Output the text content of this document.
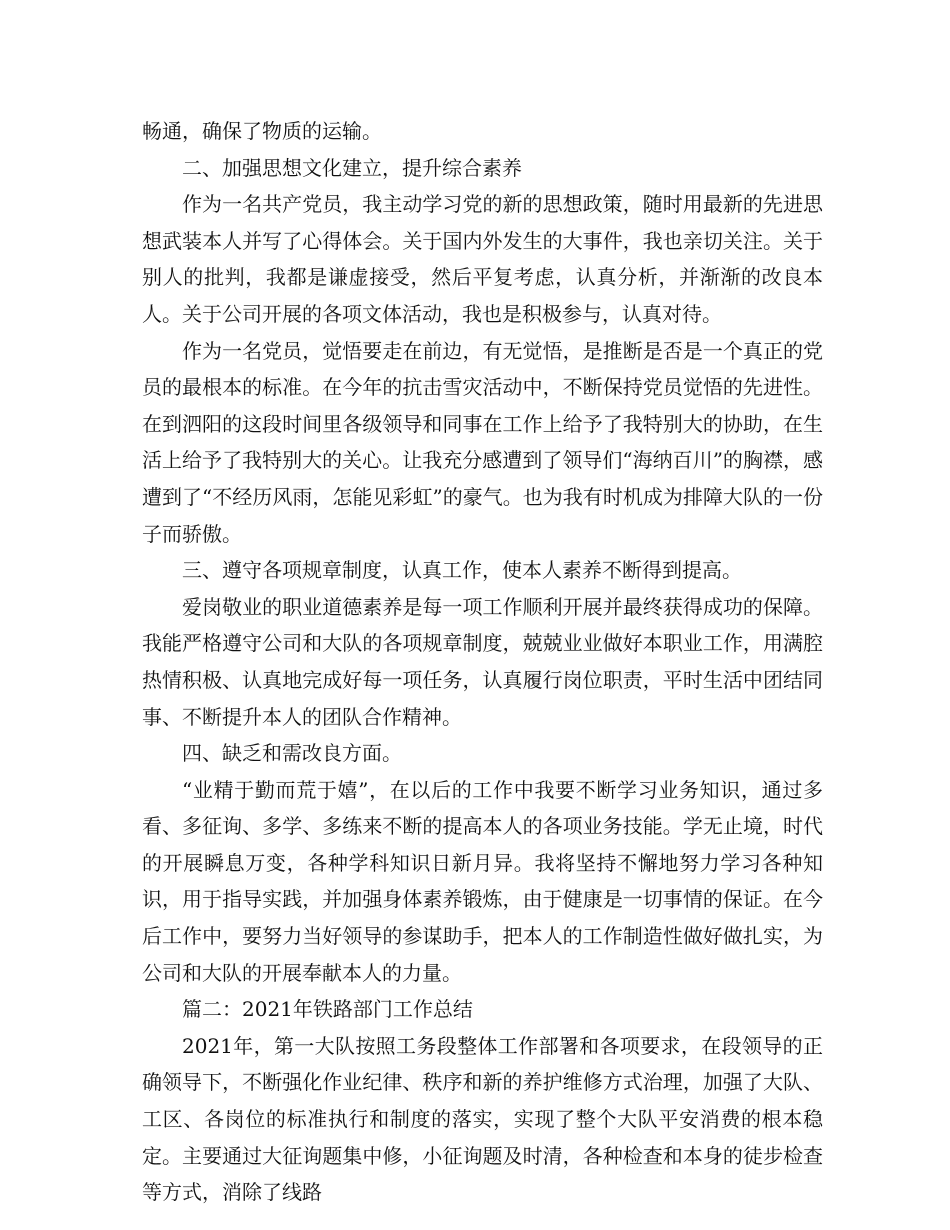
畅通，确保了物质的运输。

二、加强思想文化建立，提升综合素养

作为一名共产党员，我主动学习党的新的思想政策，随时用最新的先进思想武装本人并写了心得体会。关于国内外发生的大事件，我也亲切关注。关于别人的批判，我都是谦虚接受，然后平复考虑，认真分析，并渐渐的改良本人。关于公司开展的各项文体活动，我也是积极参与，认真对待。

作为一名党员，觉悟要走在前边，有无觉悟，是推断是否是一个真正的党员的最根本的标准。在今年的抗击雪灾活动中，不断保持党员觉悟的先进性。在到泗阳的这段时间里各级领导和同事在工作上给予了我特别大的协助，在生活上给予了我特别大的关心。让我充分感遭到了领导们“海纳百川”的胸襟，感遭到了“不经历风雨，怎能见彩虹”的豪气。也为我有时机成为排障大队的一份子而骄傲。

三、遵守各项规章制度，认真工作，使本人素养不断得到提高。

爱岗敬业的职业道德素养是每一项工作顺利开展并最终获得成功的保障。我能严格遵守公司和大队的各项规章制度，兢兢业业做好本职业工作，用满腔热情积极、认真地完成好每一项任务，认真履行岗位职责，平时生活中团结同事、不断提升本人的团队合作精神。

四、缺乏和需改良方面。

“业精于勤而荒于嬉”，在以后的工作中我要不断学习业务知识，通过多看、多征询、多学、多练来不断的提高本人的各项业务技能。学无止境，时代的开展瞬息万变，各种学科知识日新月异。我将坚持不懈地努力学习各种知识，用于指导实践，并加强身体素养锻炼，由于健康是一切事情的保证。在今后工作中，要努力当好领导的参谋助手，把本人的工作制造性做好做扎实，为公司和大队的开展奉献本人的力量。

篇二：2021年铁路部门工作总结

2021年，第一大队按照工务段整体工作部署和各项要求，在段领导的正确领导下，不断强化作业纪律、秩序和新的养护维修方式治理，加强了大队、工区、各岗位的标准执行和制度的落实，实现了整个大队平安消费的根本稳定。主要通过大征询题集中修，小征询题及时清，各种检查和本身的徒步检查等方式，消除了线路
